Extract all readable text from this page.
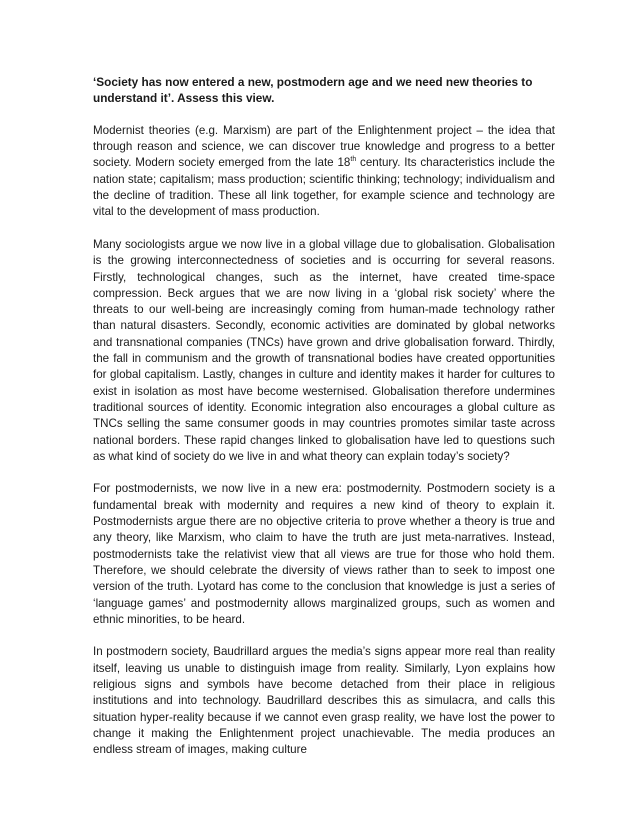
‘Society has now entered a new, postmodern age and we need new theories to understand it’. Assess this view.

Modernist theories (e.g. Marxism) are part of the Enlightenment project – the idea that through reason and science, we can discover true knowledge and progress to a better society. Modern society emerged from the late 18th century. Its characteristics include the nation state; capitalism; mass production; scientific thinking; technology; individualism and the decline of tradition. These all link together, for example science and technology are vital to the development of mass production.

Many sociologists argue we now live in a global village due to globalisation. Globalisation is the growing interconnectedness of societies and is occurring for several reasons. Firstly, technological changes, such as the internet, have created time-space compression. Beck argues that we are now living in a ‘global risk society’ where the threats to our well-being are increasingly coming from human-made technology rather than natural disasters. Secondly, economic activities are dominated by global networks and transnational companies (TNCs) have grown and drive globalisation forward. Thirdly, the fall in communism and the growth of transnational bodies have created opportunities for global capitalism. Lastly, changes in culture and identity makes it harder for cultures to exist in isolation as most have become westernised. Globalisation therefore undermines traditional sources of identity. Economic integration also encourages a global culture as TNCs selling the same consumer goods in may countries promotes similar taste across national borders. These rapid changes linked to globalisation have led to questions such as what kind of society do we live in and what theory can explain today’s society?

For postmodernists, we now live in a new era: postmodernity. Postmodern society is a fundamental break with modernity and requires a new kind of theory to explain it. Postmodernists argue there are no objective criteria to prove whether a theory is true and any theory, like Marxism, who claim to have the truth are just meta-narratives. Instead, postmodernists take the relativist view that all views are true for those who hold them. Therefore, we should celebrate the diversity of views rather than to seek to impost one version of the truth. Lyotard has come to the conclusion that knowledge is just a series of ‘language games’ and postmodernity allows marginalized groups, such as women and ethnic minorities, to be heard.

In postmodern society, Baudrillard argues the media’s signs appear more real than reality itself, leaving us unable to distinguish image from reality. Similarly, Lyon explains how religious signs and symbols have become detached from their place in religious institutions and into technology. Baudrillard describes this as simulacra, and calls this situation hyper-reality because if we cannot even grasp reality, we have lost the power to change it making the Enlightenment project unachievable. The media produces an endless stream of images, making culture
